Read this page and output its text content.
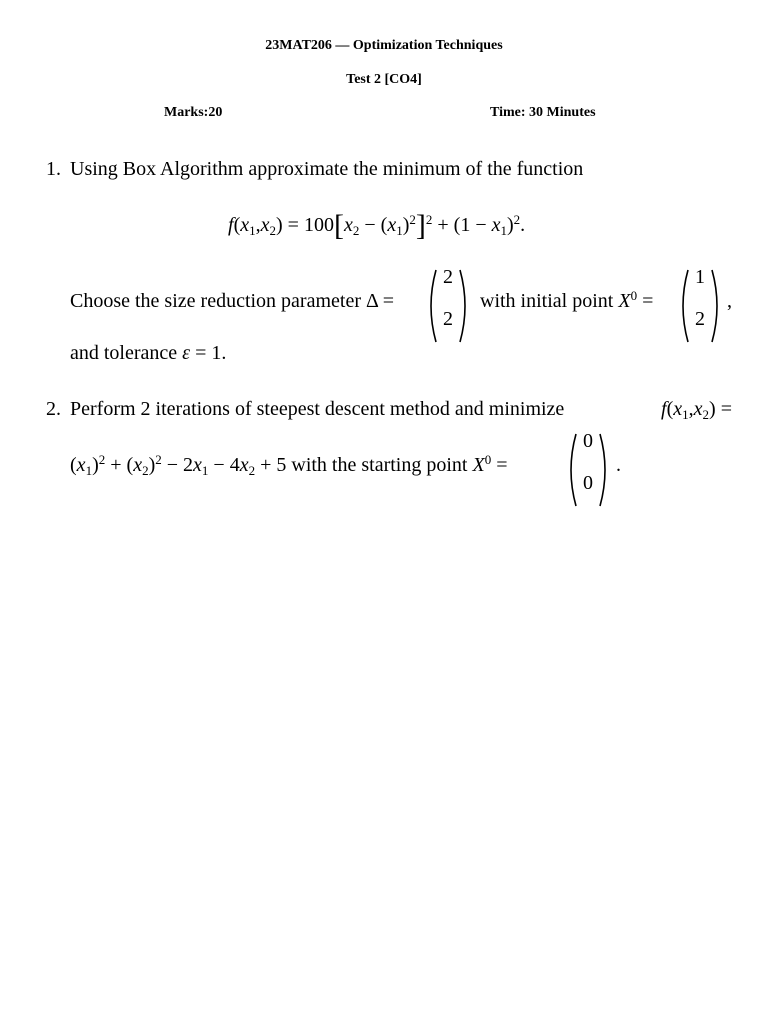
23MAT206 — Optimization Techniques
Test 2 [CO4]
Marks:20	Time: 30 Minutes
1. Using Box Algorithm approximate the minimum of the function
$f(x_1,x_2) = 100[x_2 - (x_1)^2]^2 + (1 - x_1)^2$.
Choose the size reduction parameter Δ =
2
2
with initial point $X^0$ =
1
2
,
and tolerance ε = 1.
2. Perform 2 iterations of steepest descent method and minimize	$f(x_1,x_2)$ =
$(x_1)^2 + (x_2)^2 - 2x_1 - 4x_2 + 5$ with the starting point $X^0$ =
0
0
.
